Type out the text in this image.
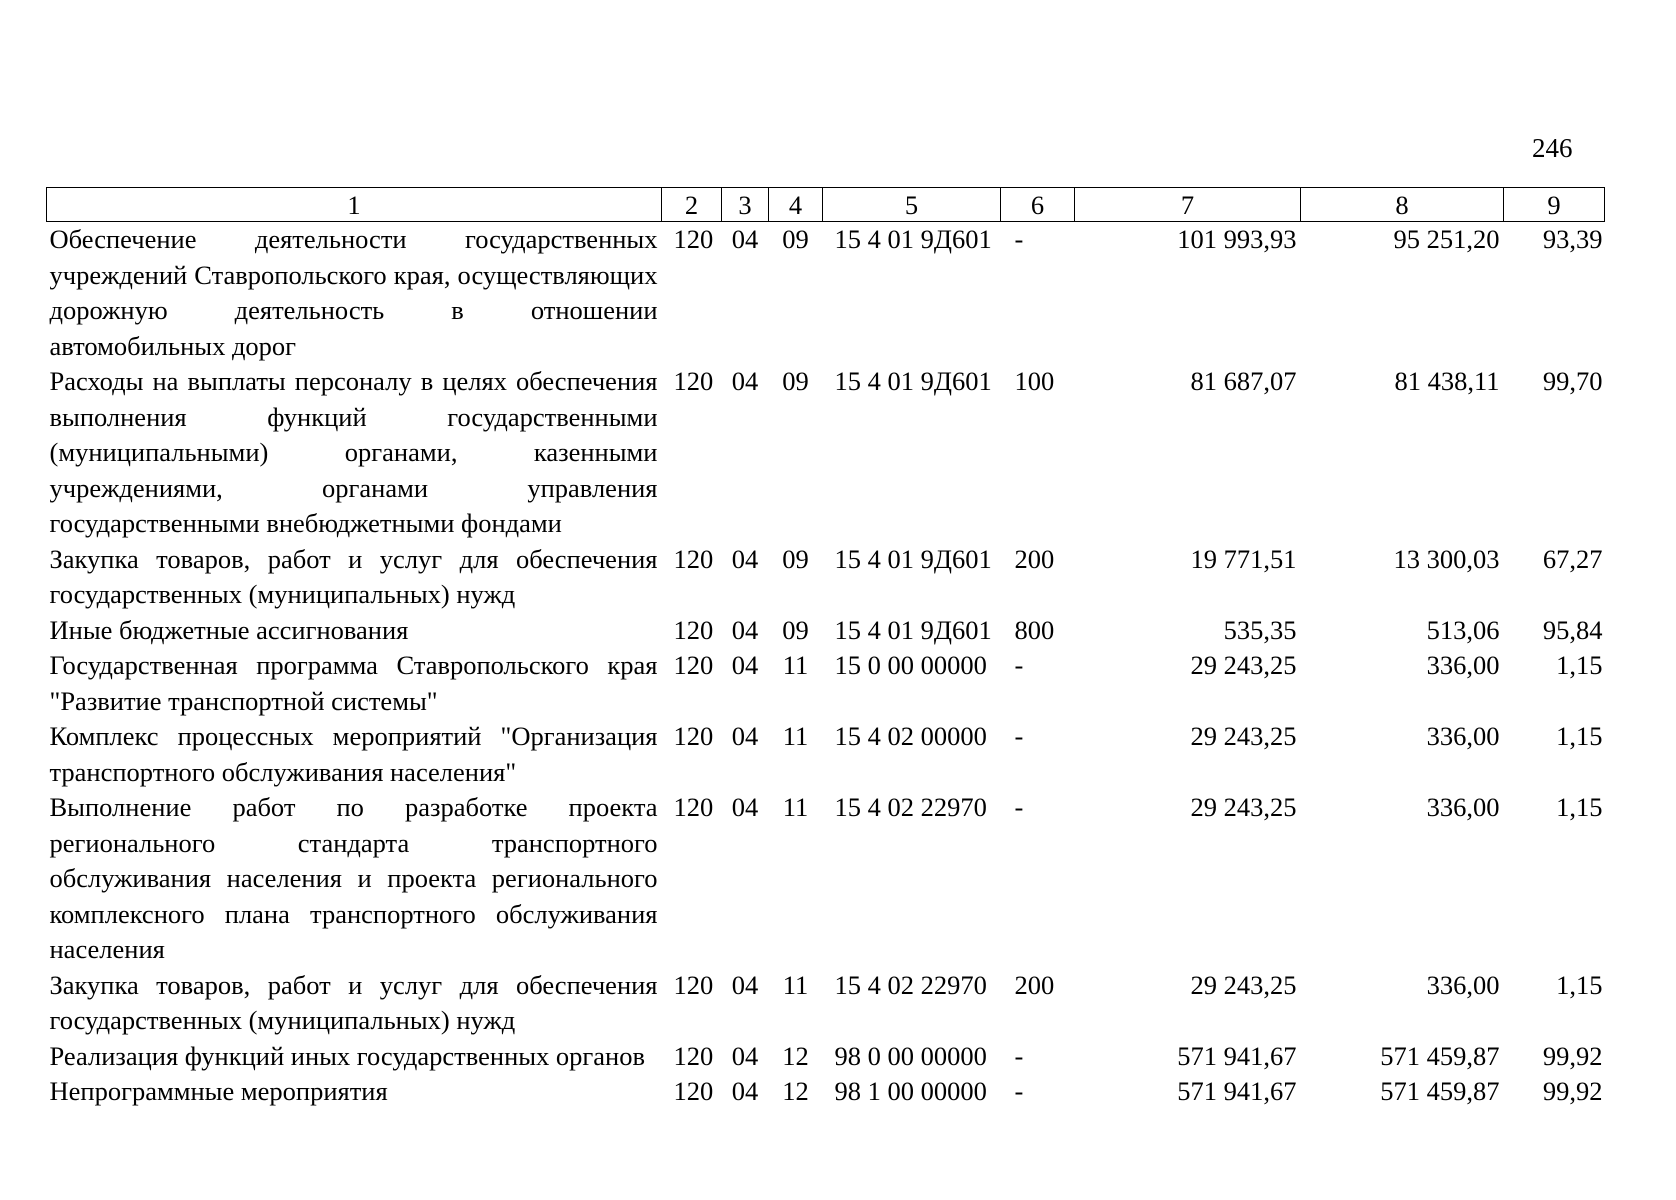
246
1	2	3	4	5	6	7	8	9
Обеспечение деятельности государственных учреждений Ставропольского края, осуществляющих дорожную деятельность в отношении автомобильных дорог	120	04	09	15 4 01 9Д601	-	101 993,93	95 251,20	93,39
Расходы на выплаты персоналу в целях обеспечения выполнения функций государственными (муниципальными) органами, казенными учреждениями, органами управления государственными внебюджетными фондами	120	04	09	15 4 01 9Д601	100	81 687,07	81 438,11	99,70
Закупка товаров, работ и услуг для обеспечения государственных (муниципальных) нужд	120	04	09	15 4 01 9Д601	200	19 771,51	13 300,03	67,27
Иные бюджетные ассигнования	120	04	09	15 4 01 9Д601	800	535,35	513,06	95,84
Государственная программа Ставропольского края "Развитие транспортной системы"	120	04	11	15 0 00 00000	-	29 243,25	336,00	1,15
Комплекс процессных мероприятий "Организация транспортного обслуживания населения"	120	04	11	15 4 02 00000	-	29 243,25	336,00	1,15
Выполнение работ по разработке проекта регионального стандарта транспортного обслуживания населения и проекта регионального комплексного плана транспортного обслуживания населения	120	04	11	15 4 02 22970	-	29 243,25	336,00	1,15
Закупка товаров, работ и услуг для обеспечения государственных (муниципальных) нужд	120	04	11	15 4 02 22970	200	29 243,25	336,00	1,15
Реализация функций иных государственных органов	120	04	12	98 0 00 00000	-	571 941,67	571 459,87	99,92
Непрограммные мероприятия	120	04	12	98 1 00 00000	-	571 941,67	571 459,87	99,92
